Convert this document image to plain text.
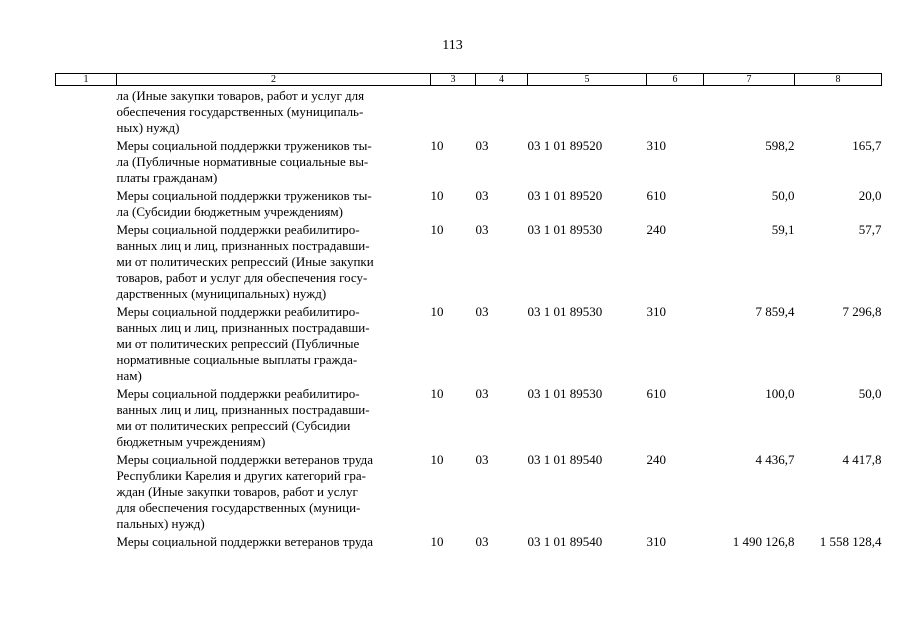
113
1	2	3	4	5	6	7	8

	ла (Иные закупки товаров, работ и услуг для
обеспечения государственных (муниципаль-
ных) нужд)						

	Меры социальной поддержки тружеников ты-
ла (Публичные нормативные социальные вы-
платы гражданам)	10	03	03 1 01 89520	310	598,2	165,7

	Меры социальной поддержки тружеников ты-
ла (Субсидии бюджетным учреждениям)	10	03	03 1 01 89520	610	50,0	20,0

	Меры социальной поддержки реабилитиро-
ванных лиц и лиц, признанных пострадавши-
ми от политических репрессий (Иные закупки
товаров, работ и услуг для обеспечения госу-
дарственных (муниципальных) нужд)	10	03	03 1 01 89530	240	59,1	57,7

	Меры социальной поддержки реабилитиро-
ванных лиц и лиц, признанных пострадавши-
ми от политических репрессий (Публичные
нормативные социальные выплаты гражда-
нам)	10	03	03 1 01 89530	310	7 859,4	7 296,8

	Меры социальной поддержки реабилитиро-
ванных лиц и лиц, признанных пострадавши-
ми от политических репрессий (Субсидии
бюджетным учреждениям)	10	03	03 1 01 89530	610	100,0	50,0

	Меры социальной поддержки ветеранов труда
Республики Карелия и других категорий гра-
ждан (Иные закупки товаров, работ и услуг
для обеспечения государственных (муници-
пальных) нужд)	10	03	03 1 01 89540	240	4 436,7	4 417,8

	Меры социальной поддержки ветеранов труда	10	03	03 1 01 89540	310	1 490 126,8	1 558 128,4
